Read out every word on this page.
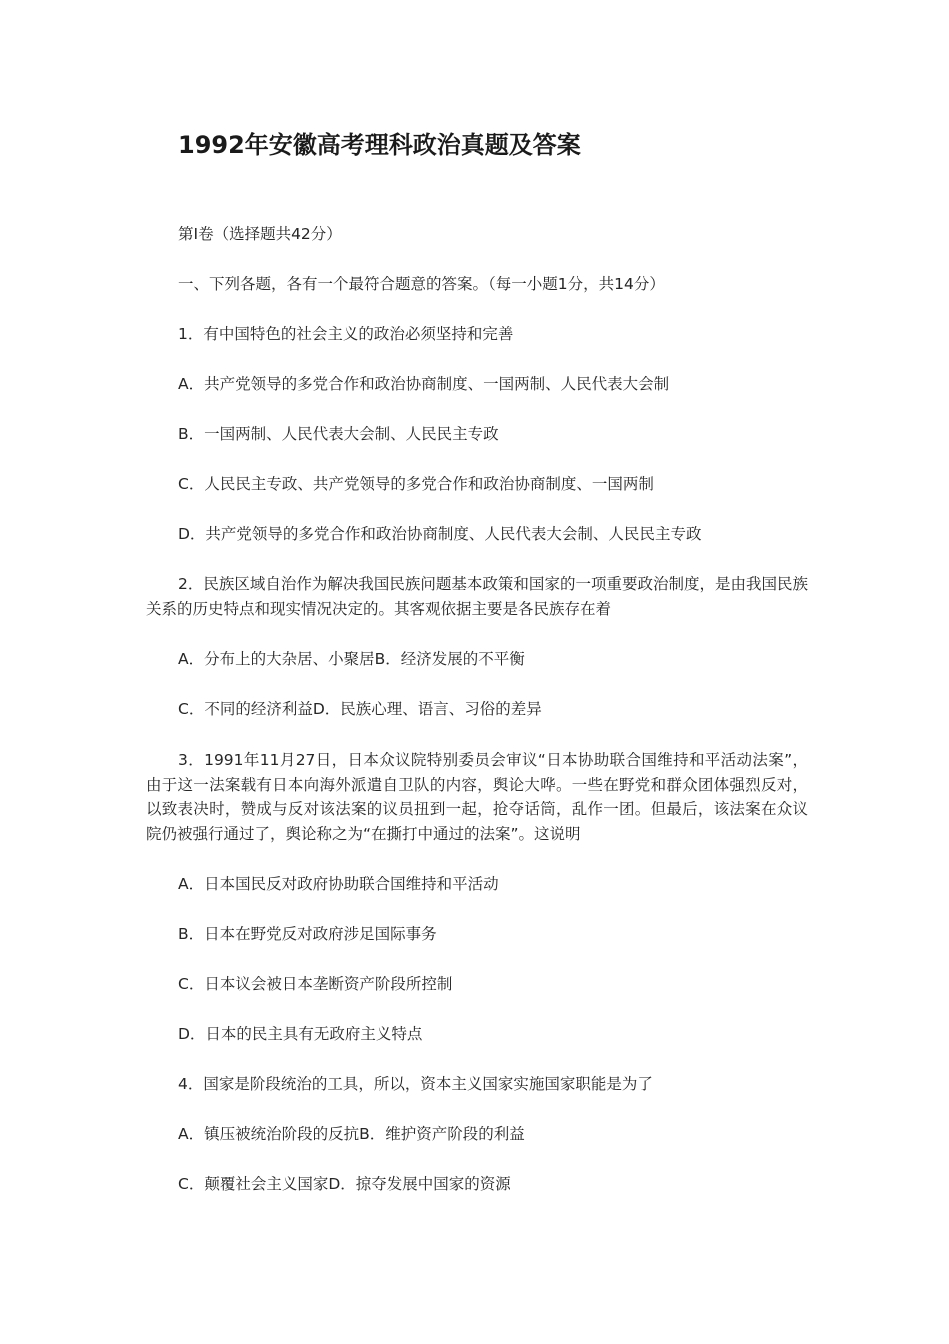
1992年安徽高考理科政治真题及答案
第I卷（选择题共42分）
一、下列各题，各有一个最符合题意的答案。（每一小题1分，共14分）
1．有中国特色的社会主义的政治必须坚持和完善
A．共产党领导的多党合作和政治协商制度、一国两制、人民代表大会制
B．一国两制、人民代表大会制、人民民主专政
C．人民民主专政、共产党领导的多党合作和政治协商制度、一国两制
D．共产党领导的多党合作和政治协商制度、人民代表大会制、人民民主专政
2．民族区域自治作为解决我国民族问题基本政策和国家的一项重要政治制度，是由我国民族关系的历史特点和现实情况决定的。其客观依据主要是各民族存在着
A．分布上的大杂居、小聚居B．经济发展的不平衡
C．不同的经济利益D．民族心理、语言、习俗的差异
3．1991年11月27日，日本众议院特别委员会审议“日本协助联合国维持和平活动法案”，由于这一法案载有日本向海外派遣自卫队的内容，舆论大哗。一些在野党和群众团体强烈反对，以致表决时，赞成与反对该法案的议员扭到一起，抢夺话筒，乱作一团。但最后，该法案在众议院仍被强行通过了，舆论称之为“在撕打中通过的法案”。这说明
A．日本国民反对政府协助联合国维持和平活动
B．日本在野党反对政府涉足国际事务
C．日本议会被日本垄断资产阶段所控制
D．日本的民主具有无政府主义特点
4．国家是阶段统治的工具，所以，资本主义国家实施国家职能是为了
A．镇压被统治阶段的反抗B．维护资产阶段的利益
C．颠覆社会主义国家D．掠夺发展中国家的资源
